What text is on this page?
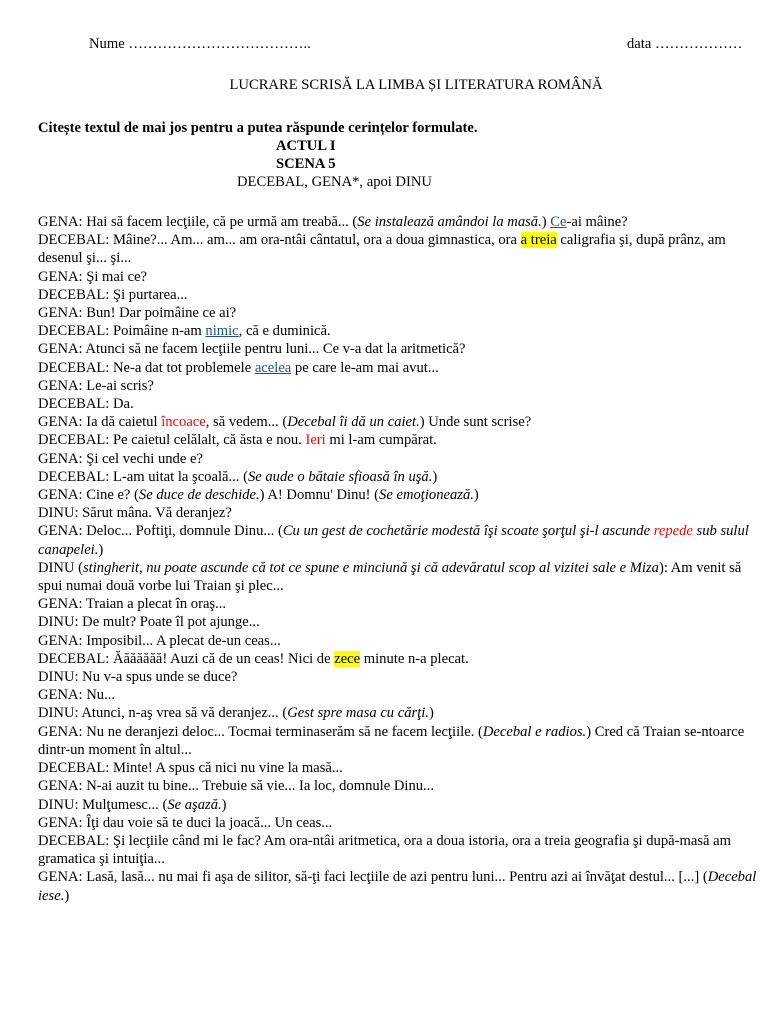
Nume ………………………………..	data ………………
LUCRARE SCRISĂ LA LIMBA ȘI LITERATURA ROMÂNĂ
Citește textul de mai jos pentru a putea răspunde cerințelor formulate.
ACTUL I
SCENA 5
DECEBAL, GENA*, apoi DINU

GENA: Hai să facem lecţiile, că pe urmă am treabă... (Se instalează amândoi la masă.) Ce-ai mâine?

DECEBAL: Mâine?... Am... am... am ora-ntâi cântatul, ora a doua gimnastica, ora a treia caligrafia şi, după prânz, am desenul şi... şi...

GENA: Şi mai ce?

DECEBAL: Şi purtarea...

GENA: Bun! Dar poimâine ce ai?

DECEBAL: Poimâine n-am nimic, că e duminică.

GENA: Atunci să ne facem lecţiile pentru luni... Ce v-a dat la aritmetică?

DECEBAL: Ne-a dat tot problemele acelea pe care le-am mai avut...

GENA: Le-ai scris?

DECEBAL: Da.

GENA: Ia dă caietul încoace, să vedem... (Decebal îi dă un caiet.) Unde sunt scrise?

DECEBAL: Pe caietul celălalt, că ăsta e nou. Ieri mi l-am cumpărat.

GENA: Şi cel vechi unde e?

DECEBAL: L-am uitat la şcoală... (Se aude o bătaie sfioasă în uşă.)

GENA: Cine e? (Se duce de deschide.) A! Domnu' Dinu! (Se emoţionează.)

DINU: Sărut mâna. Vă deranjez?

GENA: Deloc... Poftiţi, domnule Dinu... (Cu un gest de cochetărie modestă îşi scoate şorţul şi-l ascunde repede sub sulul canapelei.)

DINU (stingherit, nu poate ascunde că tot ce spune e minciună şi că adevăratul scop al vizitei sale e Miza): Am venit să spui numai două vorbe lui Traian şi plec...

GENA: Traian a plecat în oraş...

DINU: De mult? Poate îl pot ajunge...

GENA: Imposibil... A plecat de-un ceas...

DECEBAL: Ăăăăăăă! Auzi că de un ceas! Nici de zece minute n-a plecat.

DINU: Nu v-a spus unde se duce?

GENA: Nu...

DINU: Atunci, n-aş vrea să vă deranjez... (Gest spre masa cu cărţi.)

GENA: Nu ne deranjezi deloc... Tocmai terminaserăm să ne facem lecţiile. (Decebal e radios.) Cred că Traian se-ntoarce dintr-un moment în altul...

DECEBAL: Minte! A spus că nici nu vine la masă...

GENA: N-ai auzit tu bine... Trebuie să vie... Ia loc, domnule Dinu...

DINU: Mulţumesc... (Se aşază.)

GENA: Îţi dau voie să te duci la joacă... Un ceas...

DECEBAL: Şi lecţiile când mi le fac? Am ora-ntâi aritmetica, ora a doua istoria, ora a treia geografia şi după-masă am gramatica şi intuiţia...

GENA: Lasă, lasă... nu mai fi aşa de silitor, să-ţi faci lecţiile de azi pentru luni... Pentru azi ai învăţat destul... [...] (Decebal iese.)
